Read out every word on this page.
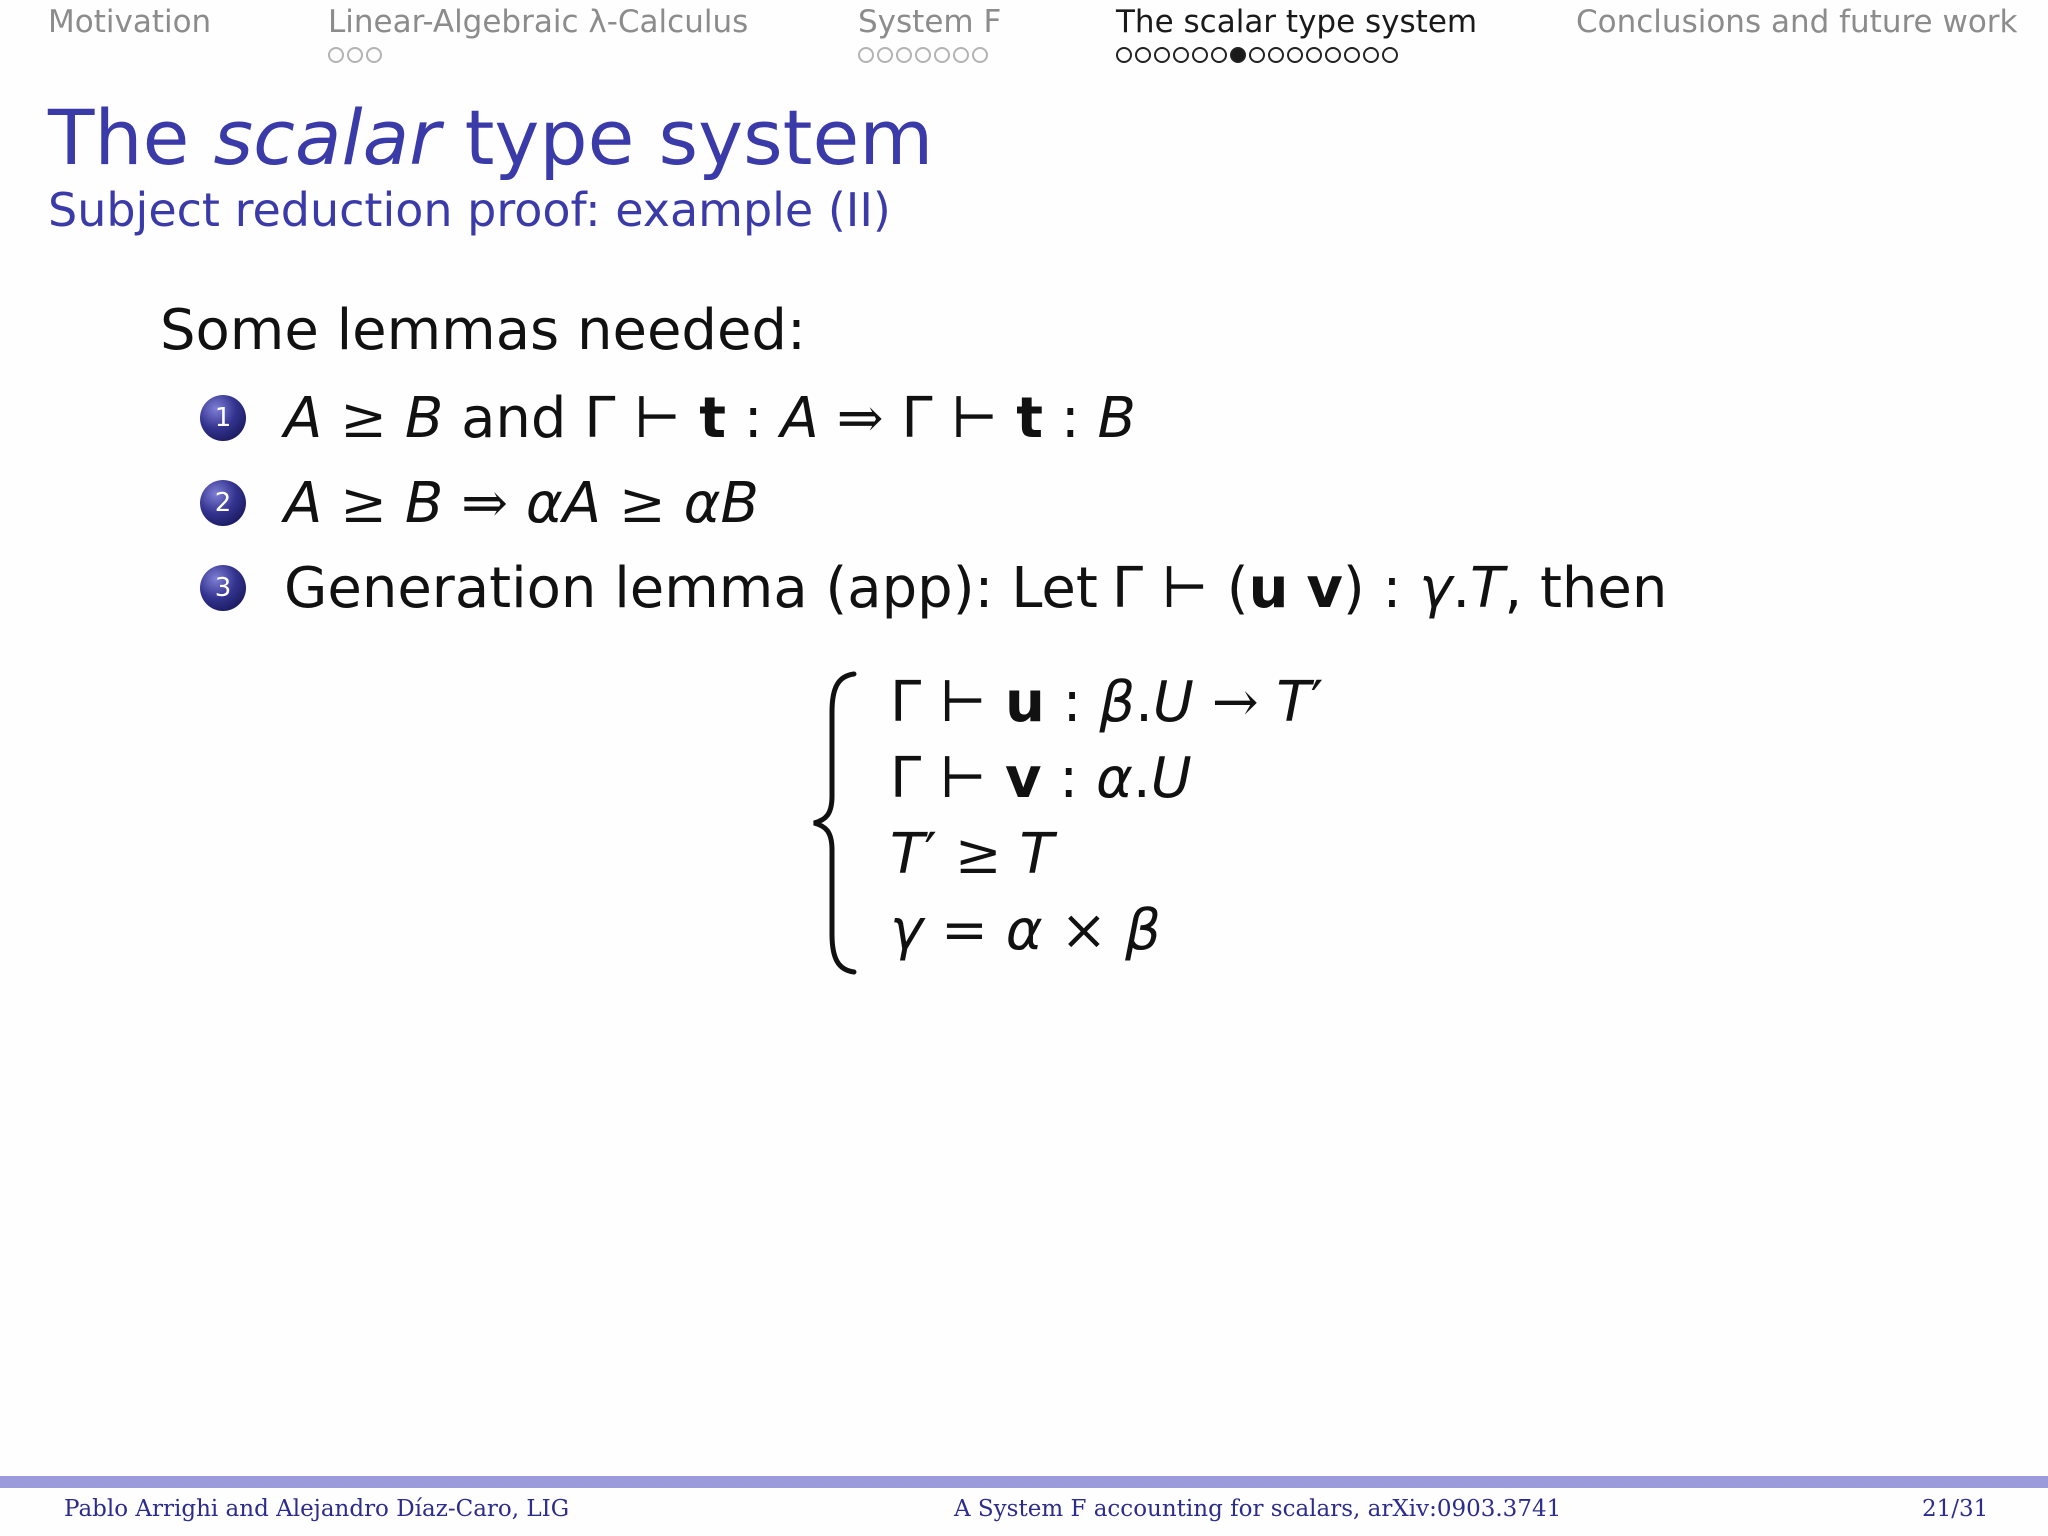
Motivation	Linear-Algebraic λ-Calculus	System F	The scalar type system	Conclusions and future work
The scalar type system
Subject reduction proof: example (II)
Some lemmas needed:
1 A ≥ B and Γ ⊢ t : A ⇒ Γ ⊢ t : B
2 A ≥ B ⇒ αA ≥ αB
3 Generation lemma (app): Let Γ ⊢ (u v) : γ.T , then
Γ ⊢ u : β.U → T′
Γ ⊢ v : α.U
T′ ≥ T
γ = α × β
Pablo Arrighi and Alejandro Díaz-Caro, LIG	A System F accounting for scalars, arXiv:0903.3741	21/31
